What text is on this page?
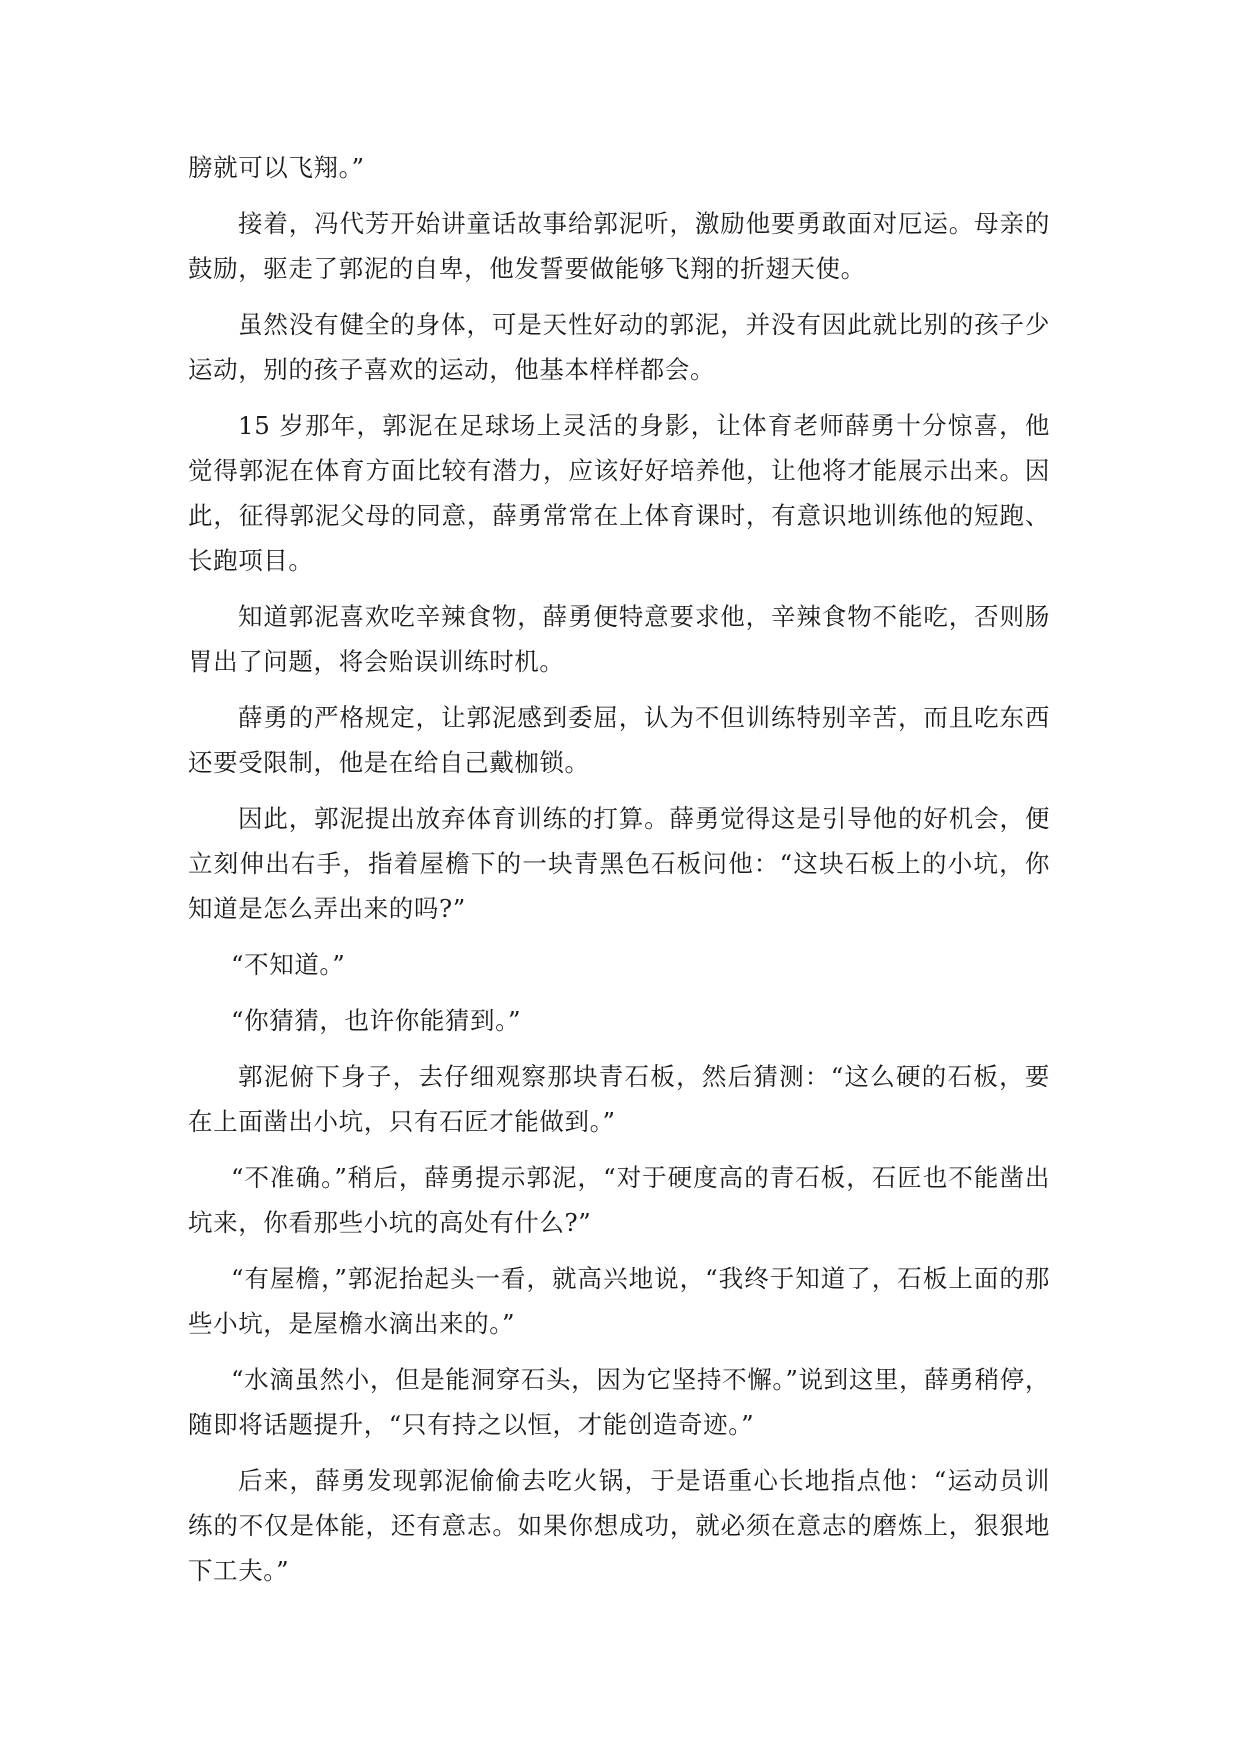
膀就可以飞翔。”

接着，冯代芳开始讲童话故事给郭泥听，激励他要勇敢面对厄运。母亲的鼓励，驱走了郭泥的自卑，他发誓要做能够飞翔的折翅天使。

虽然没有健全的身体，可是天性好动的郭泥，并没有因此就比别的孩子少运动，别的孩子喜欢的运动，他基本样样都会。

15 岁那年，郭泥在足球场上灵活的身影，让体育老师薛勇十分惊喜，他觉得郭泥在体育方面比较有潜力，应该好好培养他，让他将才能展示出来。因此，征得郭泥父母的同意，薛勇常常在上体育课时，有意识地训练他的短跑、长跑项目。

知道郭泥喜欢吃辛辣食物，薛勇便特意要求他，辛辣食物不能吃，否则肠胃出了问题，将会贻误训练时机。

薛勇的严格规定，让郭泥感到委屈，认为不但训练特别辛苦，而且吃东西还要受限制，他是在给自己戴枷锁。

因此，郭泥提出放弃体育训练的打算。薛勇觉得这是引导他的好机会，便立刻伸出右手，指着屋檐下的一块青黑色石板问他：“这块石板上的小坑，你知道是怎么弄出来的吗?”

“不知道。”

“你猜猜，也许你能猜到。”

郭泥俯下身子，去仔细观察那块青石板，然后猜测：“这么硬的石板，要在上面凿出小坑，只有石匠才能做到。”

“不准确。”稍后，薛勇提示郭泥，“对于硬度高的青石板，石匠也不能凿出坑来，你看那些小坑的高处有什么?”

“有屋檐，”郭泥抬起头一看，就高兴地说，“我终于知道了，石板上面的那些小坑，是屋檐水滴出来的。”

“水滴虽然小，但是能洞穿石头，因为它坚持不懈。”说到这里，薛勇稍停，随即将话题提升，“只有持之以恒，才能创造奇迹。”

后来，薛勇发现郭泥偷偷去吃火锅，于是语重心长地指点他：“运动员训练的不仅是体能，还有意志。如果你想成功，就必须在意志的磨炼上，狠狠地下工夫。”
